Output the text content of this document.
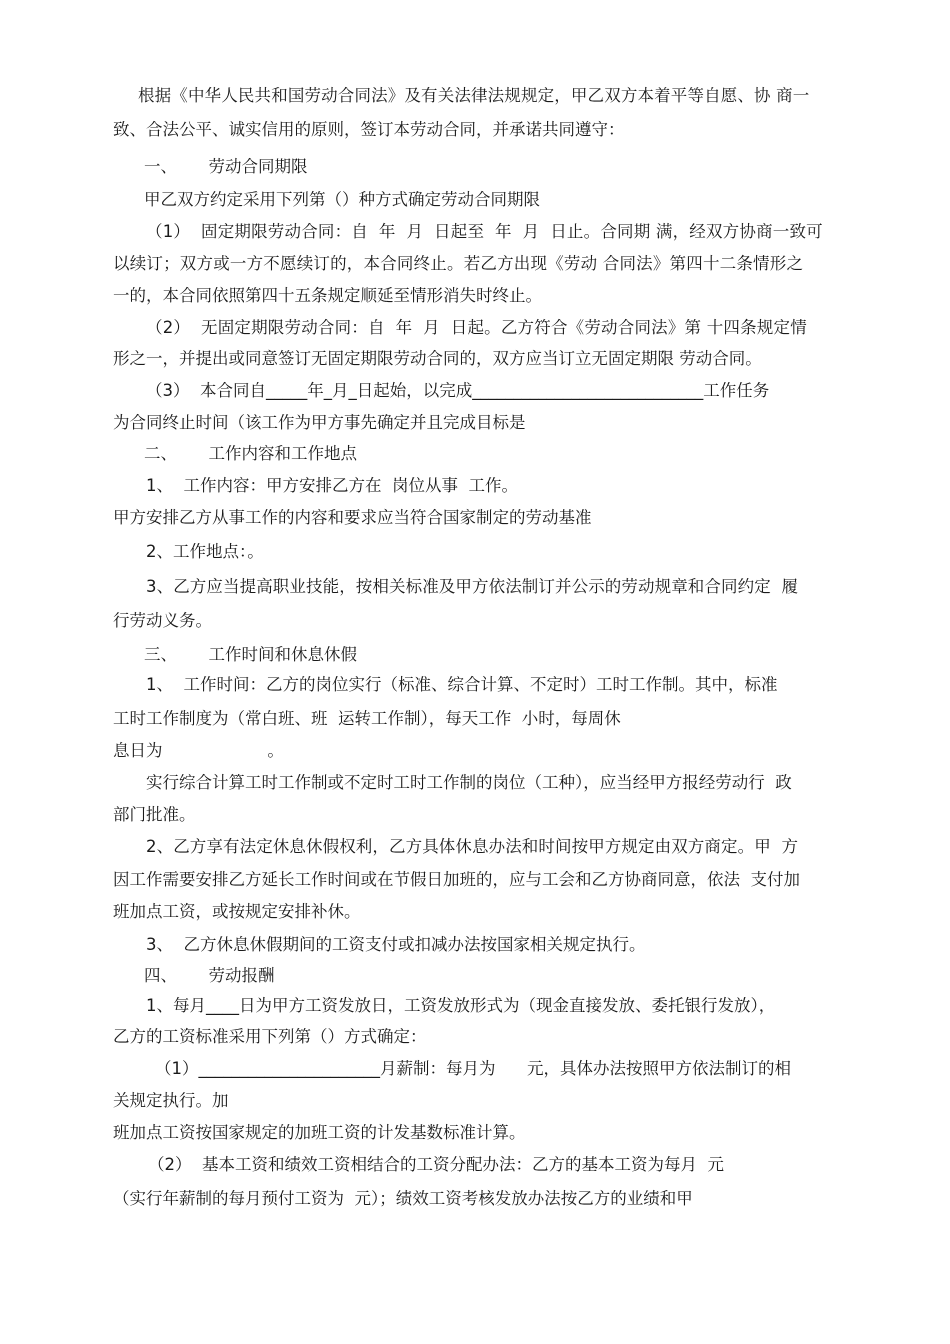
根据《中华人民共和国劳动合同法》及有关法律法规规定，甲乙双方本着平等自愿、协 商一

致、合法公平、诚实信用的原则，签订本劳动合同，并承诺共同遵守：

一、      劳动合同期限

甲乙双方约定采用下列第（）种方式确定劳动合同期限

（1）  固定期限劳动合同：自  年  月  日起至  年  月  日止。合同期 满，经双方协商一致可

以续订；双方或一方不愿续订的，本合同终止。若乙方出现《劳动 合同法》第四十二条情形之

一的，本合同依照第四十五条规定顺延至情形消失时终止。

（2）  无固定期限劳动合同：自  年  月  日起。乙方符合《劳动合同法》第 十四条规定情

形之一，并提出或同意签订无固定期限劳动合同的，双方应当订立无固定期限 劳动合同。

（3）  本合同自_____年_月_日起始，以完成____________________________工作任务

为合同终止时间（该工作为甲方事先确定并且完成目标是

二、      工作内容和工作地点

1、  工作内容：甲方安排乙方在  岗位从事  工作。

甲方安排乙方从事工作的内容和要求应当符合国家制定的劳动基准

2、工作地点：。

3、乙方应当提高职业技能，按相关标准及甲方依法制订并公示的劳动规章和合同约定  履

行劳动义务。

三、      工作时间和休息休假

1、  工作时间：乙方的岗位实行（标准、综合计算、不定时）工时工作制。其中，标准

工时工作制度为（常白班、班  运转工作制），每天工作  小时，每周休

息日为                    。

实行综合计算工时工作制或不定时工时工作制的岗位（工种），应当经甲方报经劳动行  政

部门批准。

2、乙方享有法定休息休假权利，乙方具体休息办法和时间按甲方规定由双方商定。甲  方

因工作需要安排乙方延长工作时间或在节假日加班的，应与工会和乙方协商同意，依法  支付加

班加点工资，或按规定安排补休。

3、  乙方休息休假期间的工资支付或扣减办法按国家相关规定执行。

四、      劳动报酬

1、每月____日为甲方工资发放日，工资发放形式为（现金直接发放、委托银行发放），

乙方的工资标准采用下列第（）方式确定：

（1）______________________月薪制：每月为      元，具体办法按照甲方依法制订的相

关规定执行。加

班加点工资按国家规定的加班工资的计发基数标准计算。

（2）  基本工资和绩效工资相结合的工资分配办法：乙方的基本工资为每月  元

（实行年薪制的每月预付工资为  元）；绩效工资考核发放办法按乙方的业绩和甲
